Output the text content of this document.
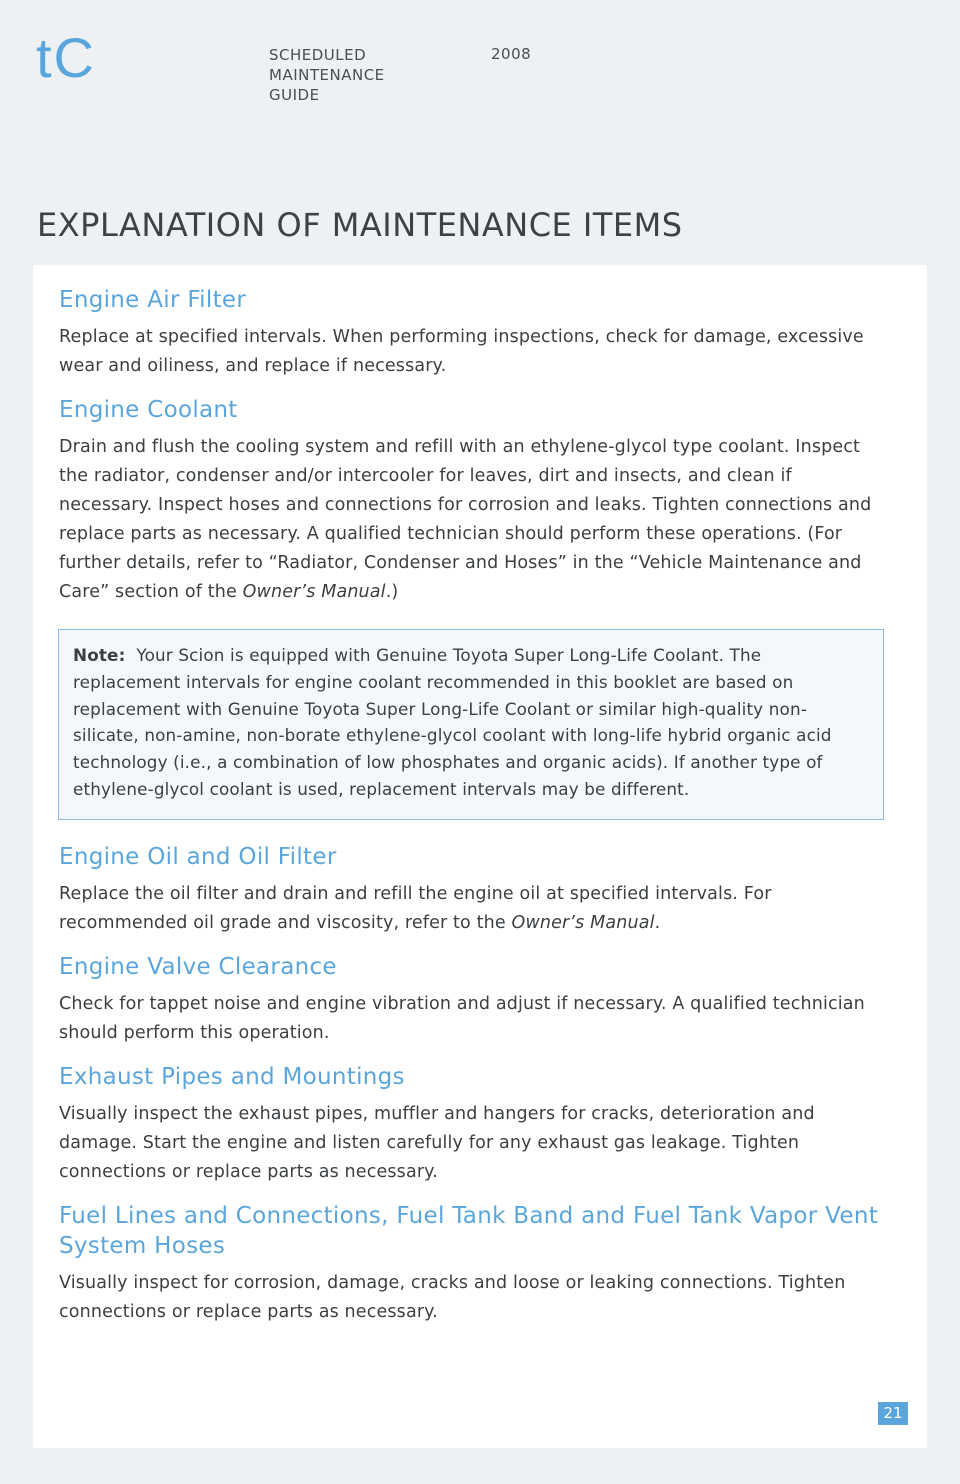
tC	SCHEDULED
MAINTENANCE
GUIDE
2008
EXPLANATION OF MAINTENANCE ITEMS
Engine Air Filter

Replace at specified intervals. When performing inspections, check for damage, excessive wear and oiliness, and replace if necessary.

Engine Coolant

Drain and flush the cooling system and refill with an ethylene-glycol type coolant. Inspect the radiator, condenser and/or intercooler for leaves, dirt and insects, and clean if necessary. Inspect hoses and connections for corrosion and leaks. Tighten connections and replace parts as necessary. A qualified technician should perform these operations. (For further details, refer to “Radiator, Condenser and Hoses” in the “Vehicle Maintenance and Care” section of the Owner’s Manual.)

Note: Your Scion is equipped with Genuine Toyota Super Long-Life Coolant. The replacement intervals for engine coolant recommended in this booklet are based on replacement with Genuine Toyota Super Long-Life Coolant or similar high-quality non-silicate, non-amine, non-borate ethylene-glycol coolant with long-life hybrid organic acid technology (i.e., a combination of low phosphates and organic acids). If another type of ethylene-glycol coolant is used, replacement intervals may be different.
Engine Oil and Oil Filter

Replace the oil filter and drain and refill the engine oil at specified intervals. For recommended oil grade and viscosity, refer to the Owner’s Manual.

Engine Valve Clearance

Check for tappet noise and engine vibration and adjust if necessary. A qualified technician should perform this operation.

Exhaust Pipes and Mountings

Visually inspect the exhaust pipes, muffler and hangers for cracks, deterioration and damage. Start the engine and listen carefully for any exhaust gas leakage. Tighten connections or replace parts as necessary.

Fuel Lines and Connections, Fuel Tank Band and Fuel Tank Vapor Vent System Hoses

Visually inspect for corrosion, damage, cracks and loose or leaking connections. Tighten connections or replace parts as necessary.

21
